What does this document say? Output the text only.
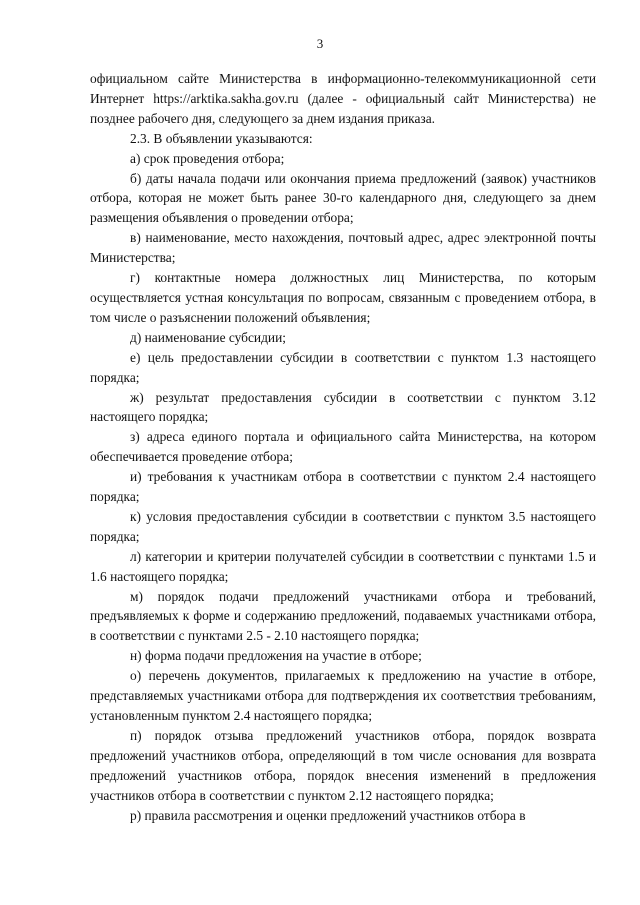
3

официальном сайте Министерства в информационно-телекоммуникационной сети Интернет https://arktika.sakha.gov.ru (далее - официальный сайт Министерства) не позднее рабочего дня, следующего за днем издания приказа.

2.3. В объявлении указываются:

а) срок проведения отбора;

б) даты начала подачи или окончания приема предложений (заявок) участников отбора, которая не может быть ранее 30-го календарного дня, следующего за днем размещения объявления о проведении отбора;

в) наименование, место нахождения, почтовый адрес, адрес электронной почты Министерства;

г) контактные номера должностных лиц Министерства, по которым осуществляется устная консультация по вопросам, связанным с проведением отбора, в том числе о разъяснении положений объявления;

д) наименование субсидии;

е) цель предоставлении субсидии в соответствии с пунктом 1.3 настоящего порядка;

ж) результат предоставления субсидии в соответствии с пунктом 3.12 настоящего порядка;

з) адреса единого портала и официального сайта Министерства, на котором обеспечивается проведение отбора;

и) требования к участникам отбора в соответствии с пунктом 2.4 настоящего порядка;

к) условия предоставления субсидии в соответствии с пунктом 3.5 настоящего порядка;

л) категории и критерии получателей субсидии в соответствии с пунктами 1.5 и 1.6 настоящего порядка;

м) порядок подачи предложений участниками отбора и требований, предъявляемых к форме и содержанию предложений, подаваемых участниками отбора, в соответствии с пунктами 2.5 - 2.10 настоящего порядка;

н) форма подачи предложения на участие в отборе;

о) перечень документов, прилагаемых к предложению на участие в отборе, представляемых участниками отбора для подтверждения их соответствия требованиям, установленным пунктом 2.4 настоящего порядка;

п) порядок отзыва предложений участников отбора, порядок возврата предложений участников отбора, определяющий в том числе основания для возврата предложений участников отбора, порядок внесения изменений в предложения участников отбора в соответствии с пунктом 2.12 настоящего порядка;

р) правила рассмотрения и оценки предложений участников отбора в
